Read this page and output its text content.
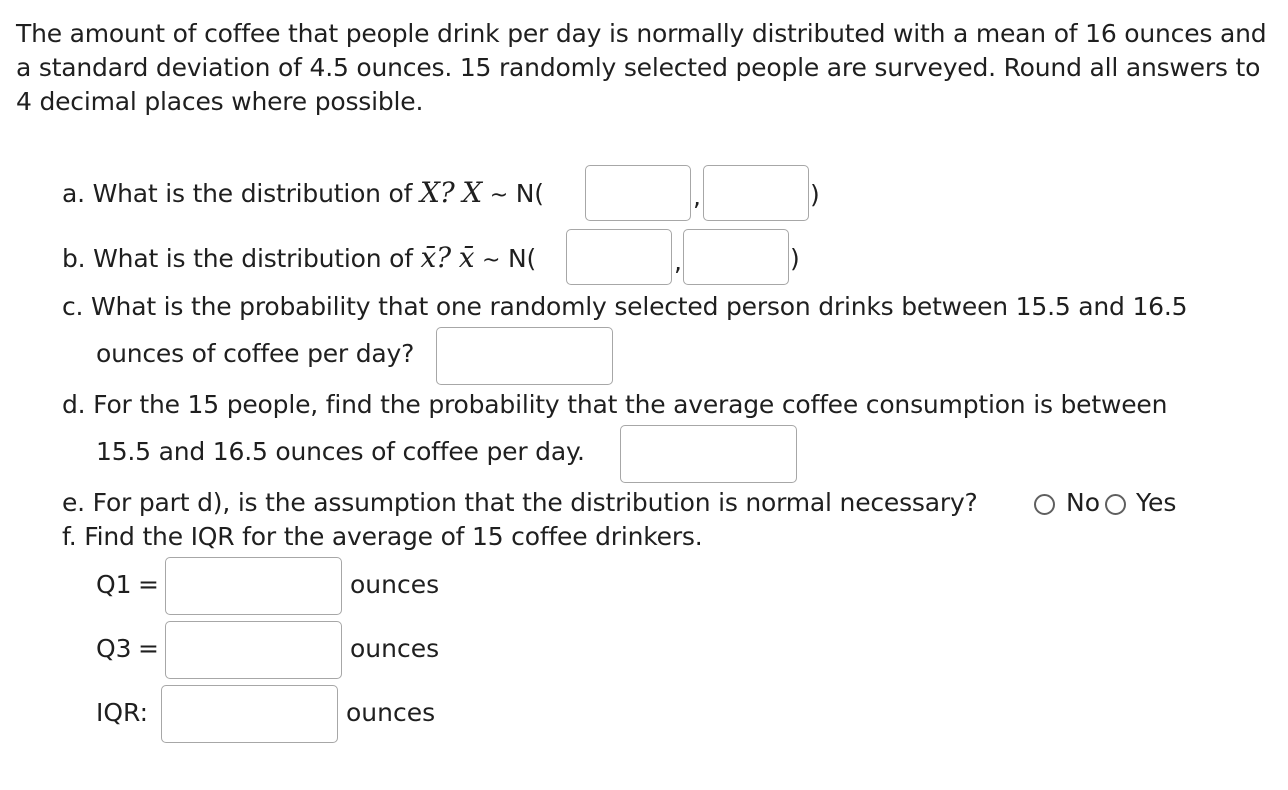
The amount of coffee that people drink per day is normally distributed with a mean of 16 ounces and a standard deviation of 4.5 ounces. 15 randomly selected people are surveyed. Round all answers to 4 decimal places where possible.
a. What is the distribution of X? X ~ N(	,	)
b. What is the distribution of x̄? x̄ ~ N(	,	)
c. What is the probability that one randomly selected person drinks between 15.5 and 16.5
ounces of coffee per day?
d. For the 15 people, find the probability that the average coffee consumption is between
15.5 and 16.5 ounces of coffee per day.
e. For part d), is the assumption that the distribution is normal necessary?	No Yes
f. Find the IQR for the average of 15 coffee drinkers.
Q1 =	ounces
Q3 =	ounces
IQR:	ounces
